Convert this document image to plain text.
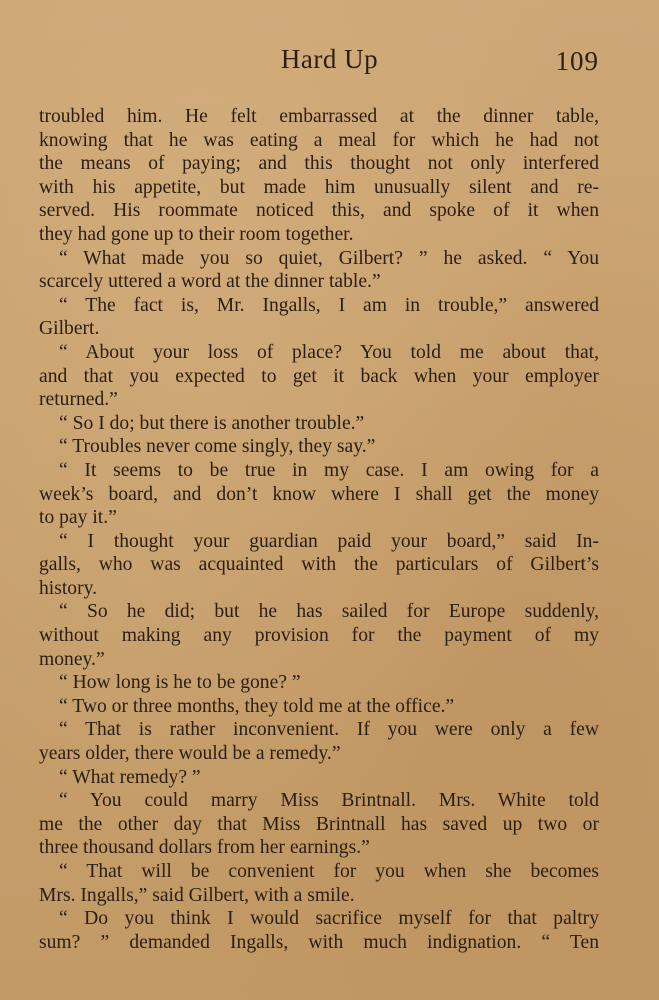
Hard Up	109
troubled him. He felt embarrassed at the dinner table,
knowing that he was eating a meal for which he had not
the means of paying; and this thought not only interfered
with his appetite, but made him unusually silent and re-
served. His roommate noticed this, and spoke of it when
they had gone up to their room together.
“ What made you so quiet, Gilbert? ” he asked. “ You
scarcely uttered a word at the dinner table.”
“ The fact is, Mr. Ingalls, I am in trouble,” answered
Gilbert.
“ About your loss of place? You told me about that,
and that you expected to get it back when your employer
returned.”
“ So I do; but there is another trouble.”
“ Troubles never come singly, they say.”
“ It seems to be true in my case. I am owing for a
week’s board, and don’t know where I shall get the money
to pay it.”
“ I thought your guardian paid your board,” said In-
galls, who was acquainted with the particulars of Gilbert’s
history.
“ So he did; but he has sailed for Europe suddenly,
without making any provision for the payment of my
money.”
“ How long is he to be gone? ”
“ Two or three months, they told me at the office.”
“ That is rather inconvenient. If you were only a few
years older, there would be a remedy.”
“ What remedy? ”
“ You could marry Miss Brintnall. Mrs. White told
me the other day that Miss Brintnall has saved up two or
three thousand dollars from her earnings.”
“ That will be convenient for you when she becomes
Mrs. Ingalls,” said Gilbert, with a smile.
“ Do you think I would sacrifice myself for that paltry
sum? ” demanded Ingalls, with much indignation. “ Ten
